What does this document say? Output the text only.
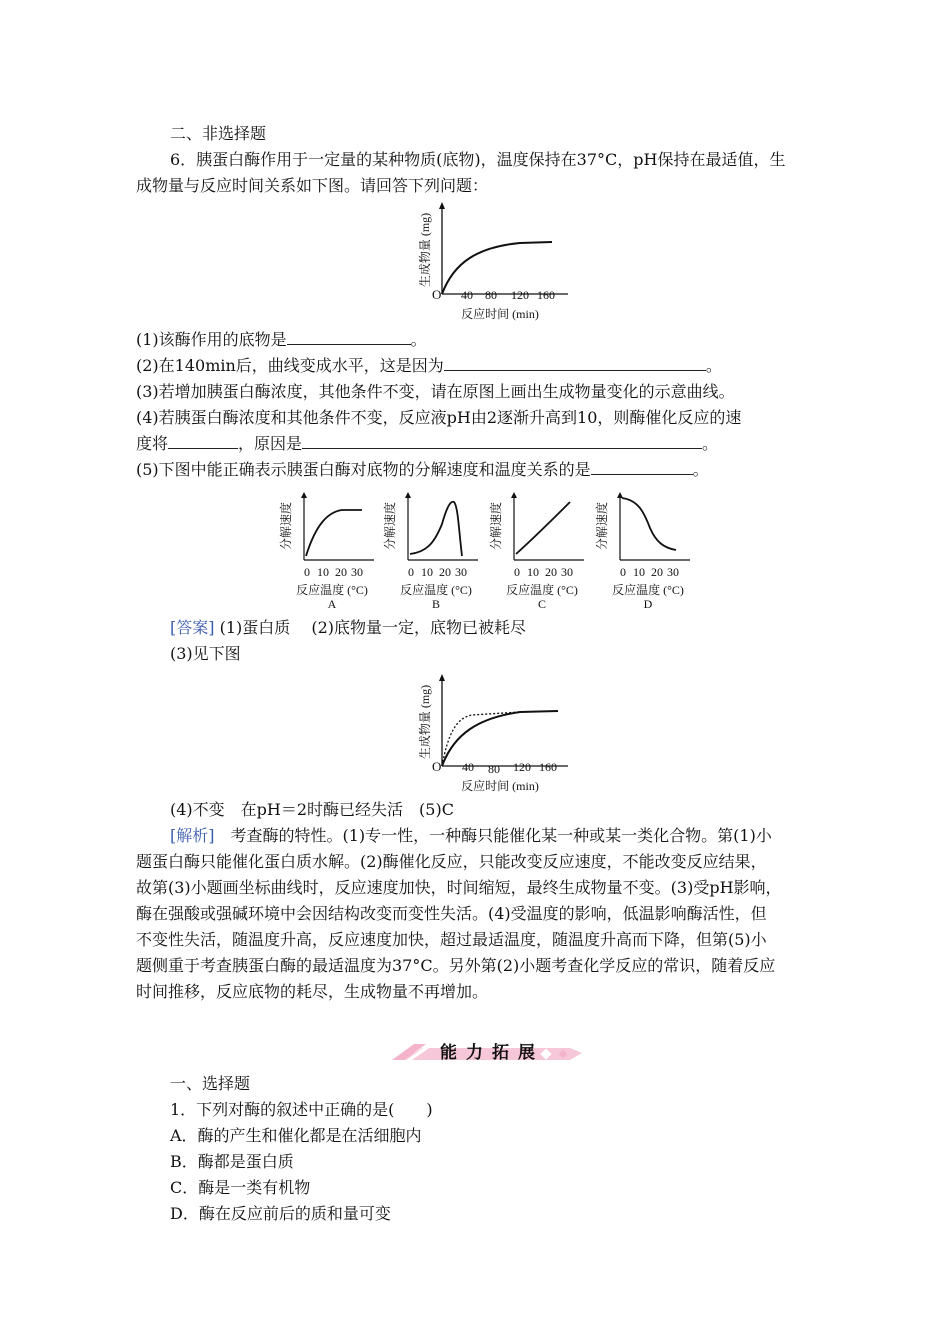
二、非选择题
6．胰蛋白酶作用于一定量的某种物质(底物)，温度保持在37°C，pH保持在最适值，生
成物量与反应时间关系如下图。请回答下列问题：
生成物量 (mg)
O 40 80 120 160
反应时间 (min)
(1)该酶作用的底物是	。
(2)在140min后，曲线变成水平，这是因为	。
(3)若增加胰蛋白酶浓度，其他条件不变，请在原图上画出生成物量变化的示意曲线。
(4)若胰蛋白酶浓度和其他条件不变，反应液pH由2逐渐升高到10，则酶催化反应的速
度将	，原因是	。
(5)下图中能正确表示胰蛋白酶对底物的分解速度和温度关系的是	。
分解速度
0 10 20 30
反应温度 (°C)
A
分解速度
0 10 20 30
反应温度 (°C)
B
分解速度
0 10 20 30
反应温度 (°C)
C
分解速度
0 10 20 30
反应温度 (°C)
D
[答案] (1)蛋白质　 (2)底物量一定，底物已被耗尽
(3)见下图
生成物量 (mg)
O 40 80 120 160
反应时间 (min)
(4)不变　在pH＝2时酶已经失活　(5)C
[解析]　考查酶的特性。(1)专一性，一种酶只能催化某一种或某一类化合物。第(1)小
题蛋白酶只能催化蛋白质水解。(2)酶催化反应，只能改变反应速度，不能改变反应结果，
故第(3)小题画坐标曲线时，反应速度加快，时间缩短，最终生成物量不变。(3)受pH影响，
酶在强酸或强碱环境中会因结构改变而变性失活。(4)受温度的影响，低温影响酶活性，但
不变性失活，随温度升高，反应速度加快，超过最适温度，随温度升高而下降，但第(5)小
题侧重于考查胰蛋白酶的最适温度为37°C。另外第(2)小题考查化学反应的常识，随着反应
时间推移，反应底物的耗尽，生成物量不再增加。
能力拓展
一、选择题
1．下列对酶的叙述中正确的是(　　)
A．酶的产生和催化都是在活细胞内
B．酶都是蛋白质
C．酶是一类有机物
D．酶在反应前后的质和量可变
